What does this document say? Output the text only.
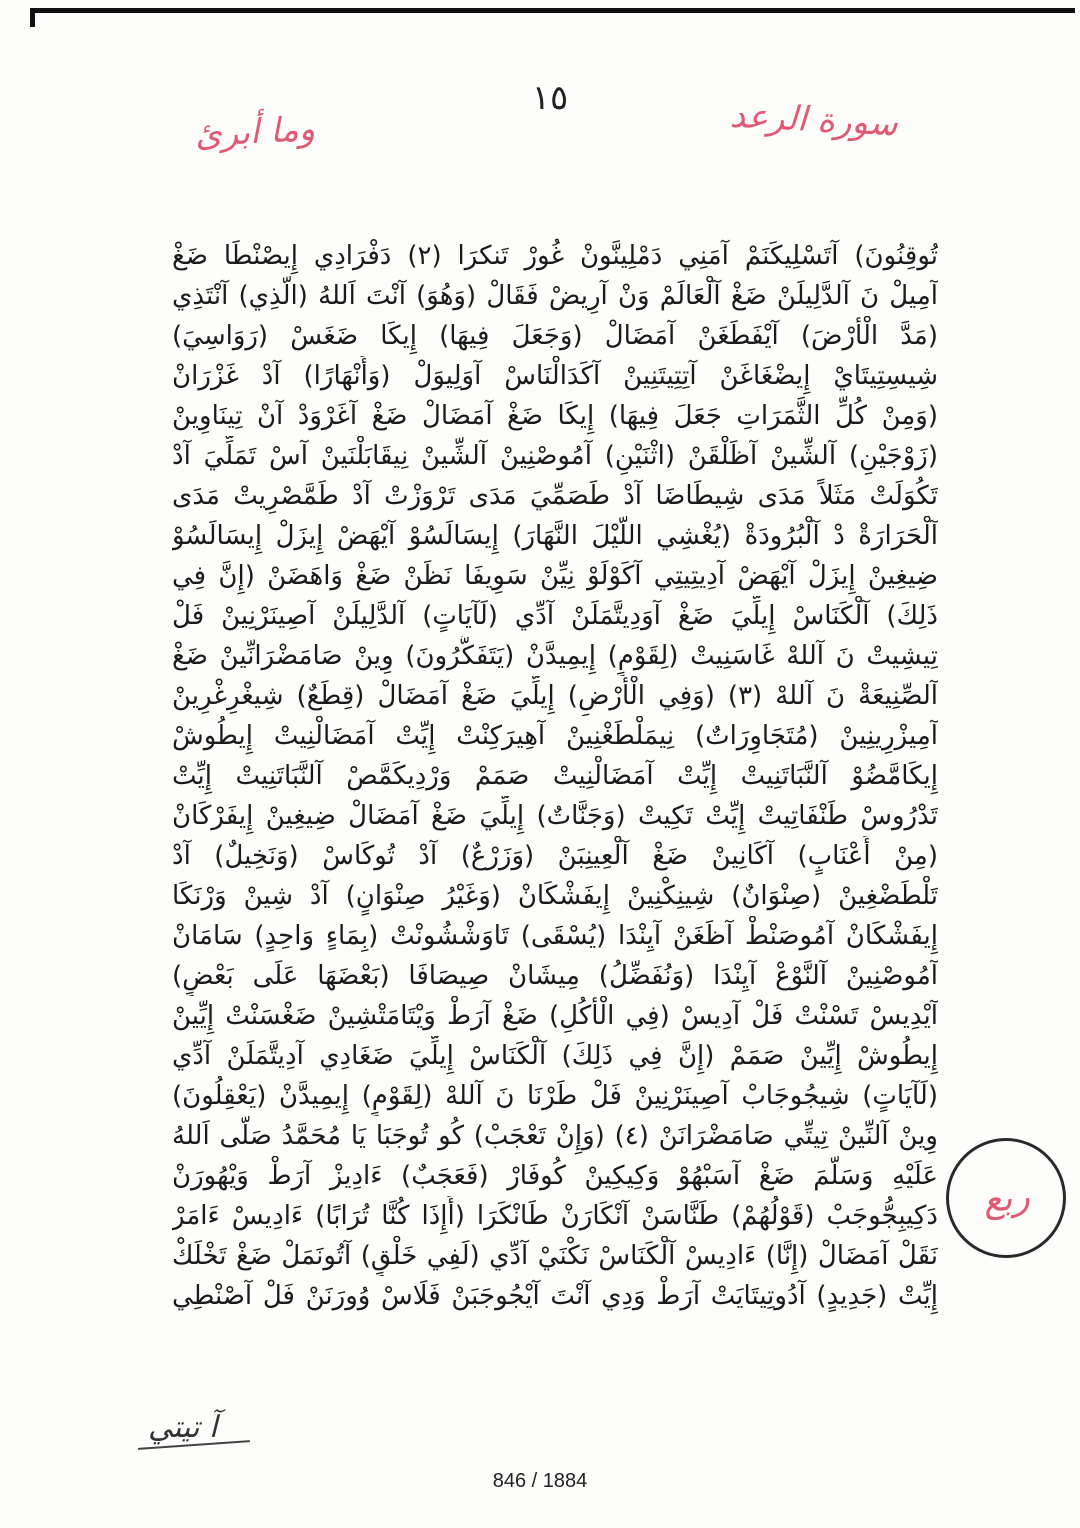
١٥
وما أبرئ	سورة الرعد
تُوقِنُونَ) آتَسْلِيكَنَمْ آمَنِي دَمْلِينَّونْ غُورْ تَنكرَا (٢) دَفْرَادِي إِيصْنْطَا ضَغْ
آمِيلْ نَ آلدَّلِيلَنْ ضَغْ آلْعَالَمْ وَنْ آرِيضْ فَقَالْ (وَهُوَ) آنْتَ اَللهُ (الَّذِي) آنْتَذِي
(مَدَّ الْأَرْضَ) آيْفَطَغَنْ آمَضَالْ (وَجَعَلَ فِيهَا) إِيكَا ضَغَسْ (رَوَاسِيَ)
شِيسِتِيتَايْ إِيضْغَاغَنْ آتِتِيتَنِينْ آكَدَالْنَاسْ آوَلِيوَلْ (وَأَنْهَارًا) آدْ غَزْرَانْ
(وَمِنْ كُلِّ الثَّمَرَاتِ جَعَلَ فِيهَا) إِيكَا ضَغْ آمَضَالْ ضَغْ آغَرْوَدْ آنْ تِينَاوِينْ
(زَوْجَيْنِ) آلشِّينْ آظَلْقَنْ (اثْنَيْنِ) آمُوصْنِينْ آلشِّينْ نِيقَابَلْنَينْ آسْ تَمَلِّيَ آدْ
تَكُوَلَتْ مَثَلاً مَدَى شِيطَاضَا آدْ طَصَمِّيَ مَدَى تَرْوَزْتْ آدْ طَمَّصْرِيتْ مَدَى
آلْحَرَارَةْ دْ آلْبُرُودَةْ (يُغْشِي اللَّيْلَ النَّهَارَ) إِيسَالَسُوْ آيْهَضْ إِيزَلْ إِيسَالَسُوْ
ضِيغِينْ إِيزَلْ آيْهَضْ آدِيتِيتِي آكَوْلَوْ نِيِّنْ سَوِيفَا نَظَنْ ضَغْ وَاهَضَنْ (إِنَّ فِي
ذَلِكَ) آلْكَنَاسْ إِيلِّيَ ضَغْ آوَدِيتَّمَلَنْ آدِّي (لَآيَاتٍ) آلدَّلِيلَنْ آصِينَرْنِينْ فَلْ
تِيشِيتْ نَ آللهْ غَاسَنِيتْ (لِقَوْمٍ) إِيمِيدَّنْ (يَتَفَكَّرُونَ) وِينْ صَامَضْرَانِّينْ ضَغْ
آلصِّنِيعَةْ نَ آللهْ (٣) (وَفِي الْأَرْضِ) إِيلِّيَ ضَغْ آمَضَالْ (قِطَعٌ) شِيغْرِغْرِينْ
آمِيزْرِينِينْ (مُتَجَاوِرَاتٌ) نِيمَلْطَغْنِينْ آهِيرَكِنْتْ إِيِّتْ آمَضَالْنِيتْ إِيطُوشْ
إِيكَامَّضُوْ آلنَّبَاتَنِيتْ إِيِّتْ آمَضَالْنِيتْ صَمَمْ وَرْدِيكَمَّصْ آلنَّبَاتَنِيتْ إِيِّتْ
تَدْرُوسْ طَنْفَاتِيتْ إِيِّتْ تَكِيتْ (وَجَنَّاتٌ) إِيلِّيَ ضَغْ آمَضَالْ ضِيغِينْ إِيفَرْكَانْ
(مِنْ أَعْنَابٍ) آكَانِينْ ضَغْ آلْعِينِبَنْ (وَزَرْعٌ) آدْ تُوكَاسْ (وَنَخِيلٌ) آدْ
تَلْطَضْغِينْ (صِنْوَانٌ) شِينِكْنِينْ إِيفَشْكَانْ (وَغَيْرُ صِنْوَانٍ) آدْ شِينْ وَرْنَكَا
إِيفَشْكَانْ آمُوصَنْطْ آظَغَنْ آيِنْدَا (يُسْقَى) تَاوَشْشُونْتْ (بِمَاءٍ وَاحِدٍ) سَامَانْ
آمُوصْنِينْ آلنَّوْعْ آيِنْدَا (وَنُفَضِّلُ) مِيشَانْ صِيصَافَا (بَعْضَهَا عَلَى بَعْضٍ)
آيْدِيسْ تَسْنْتْ فَلْ آدِيسْ (فِي الْأُكُلِ) ضَغْ آرَطْ وَيْتَامَتْشِينْ ضَغْسَنْتْ إِيِّينْ
إِيطُوشْ إِيِّينْ صَمَمْ (إِنَّ فِي ذَلِكَ) آلْكَنَاسْ إِيلِّيَ ضَغَادِي آدِيتَّمَلَنْ آدِّي
(لَآيَاتٍ) شِيجُوجَابْ آصِينَرْنِينْ فَلْ طَرْنَا نَ آللهْ (لِقَوْمٍ) إِيمِيدَّنْ (يَعْقِلُونَ)
وِينْ آلنِّينْ تِيتِّي صَامَضْرَانَنْ (٤) (وَإِنْ تَعْجَبْ) كُو تُوجَبَا يَا مُحَمَّدُ صَلَّى اَللهُ
عَلَيْهِ وَسَلَّمَ ضَغْ آسَبْهُوْ وَكِيكِينْ كُوفَارْ (فَعَجَبٌ) ءَادِيزْ آرَطْ وَيْهُورَنْ
دَكِيبِجُّوجَبْ (قَوْلُهُمْ) طَنَّاسَنْ آنْكَارَنْ طَانْكَرَا (أَإِذَا كُنَّا تُرَابًا) ءَادِيسْ ءَامَرْ
نَقَلْ آمَضَالْ (إِنَّا) ءَادِيسْ آلْكَنَاسْ نَكْنَيْ آدِّي (لَفِي خَلْقٍ) آتُونَمَلْ ضَغْ تَخْلَكْ
إِيِّتْ (جَدِيدٍ) آدُوتِيتَايَتْ آرَطْ وَدِي آنْتَ آيْجُوجَبَنْ فَلَاسْ وُورَنَنْ فَلْ آصْنْطِي
ربع
آ تيتي
846 / 1884
